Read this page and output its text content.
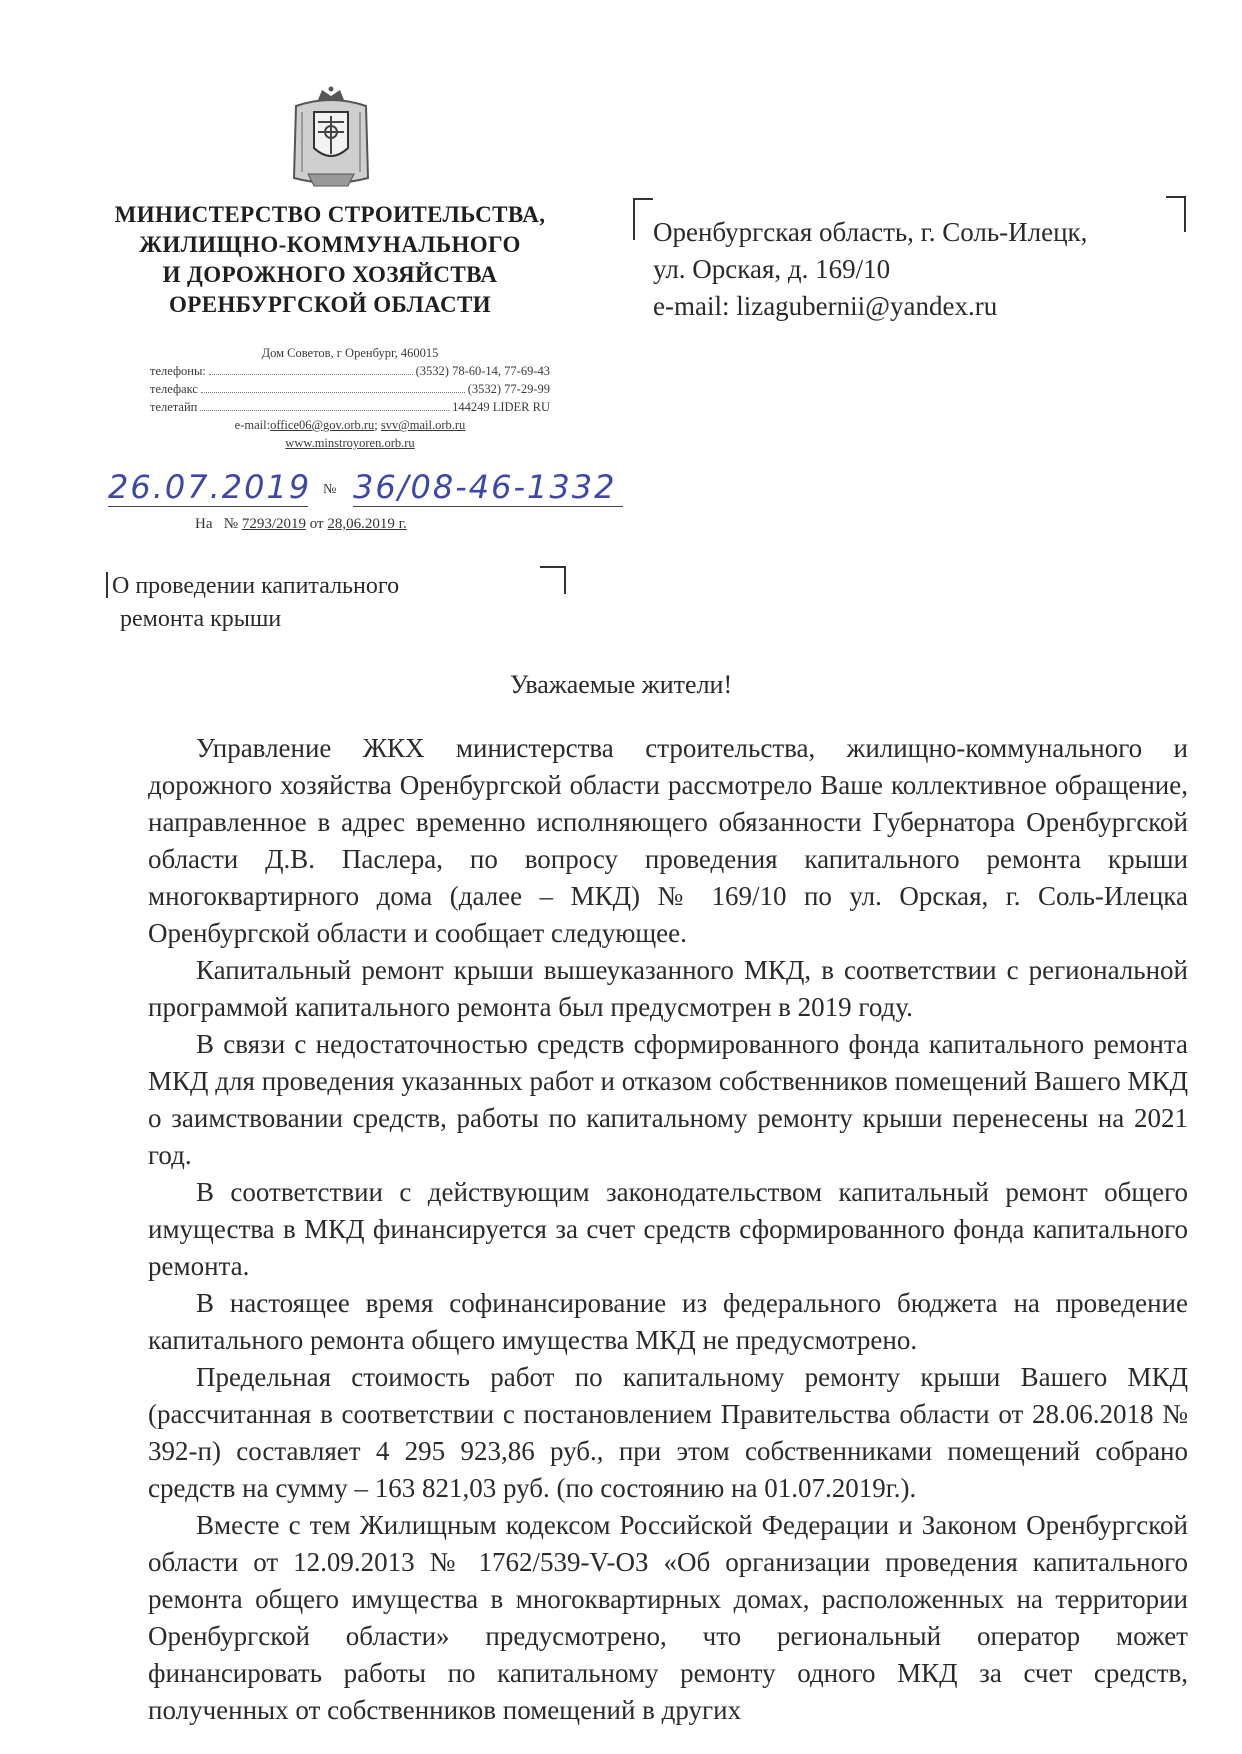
МИНИСТЕРСТВО СТРОИТЕЛЬСТВА,
ЖИЛИЩНО-КОММУНАЛЬНОГО
И ДОРОЖНОГО ХОЗЯЙСТВА
ОРЕНБУРГСКОЙ ОБЛАСТИ
Дом Советов, г Оренбург, 460015
телефоны:	(3532) 78-60-14, 77-69-43
телефакс	(3532) 77-29-99
телетайп	144249 LIDER RU
e-mail:office06@gov.orb.ru; svv@mail.orb.ru
www.minstroyoren.orb.ru
26.07.2019 № 36/08-46-1332
На № 7293/2019 от 28,06.2019 г.
Оренбургская область, г. Соль-Илецк,
ул. Орская, д. 169/10
e-mail: lizagubernii@yandex.ru
О проведении капитального
ремонта крыши
Уважаемые жители!

Управление ЖКХ министерства строительства, жилищно-коммунального и дорожного хозяйства Оренбургской области рассмотрело Ваше коллективное обращение, направленное в адрес временно исполняющего обязанности Губернатора Оренбургской области Д.В. Паслера, по вопросу проведения капитального ремонта крыши многоквартирного дома (далее – МКД) № 169/10 по ул. Орская, г. Соль-Илецка Оренбургской области и сообщает следующее.

Капитальный ремонт крыши вышеуказанного МКД, в соответствии с региональной программой капитального ремонта был предусмотрен в 2019 году.

В связи с недостаточностью средств сформированного фонда капитального ремонта МКД для проведения указанных работ и отказом собственников помещений Вашего МКД о заимствовании средств, работы по капитальному ремонту крыши перенесены на 2021 год.

В соответствии с действующим законодательством капитальный ремонт общего имущества в МКД финансируется за счет средств сформированного фонда капитального ремонта.

В настоящее время софинансирование из федерального бюджета на проведение капитального ремонта общего имущества МКД не предусмотрено.

Предельная стоимость работ по капитальному ремонту крыши Вашего МКД (рассчитанная в соответствии с постановлением Правительства области от 28.06.2018 № 392-п) составляет 4 295 923,86 руб., при этом собственниками помещений собрано средств на сумму – 163 821,03 руб. (по состоянию на 01.07.2019г.).

Вместе с тем Жилищным кодексом Российской Федерации и Законом Оренбургской области от 12.09.2013 № 1762/539-V-ОЗ «Об организации проведения капитального ремонта общего имущества в многоквартирных домах, расположенных на территории Оренбургской области» предусмотрено, что региональный оператор может финансировать работы по капитальному ремонту одного МКД за счет средств, полученных от собственников помещений в других
